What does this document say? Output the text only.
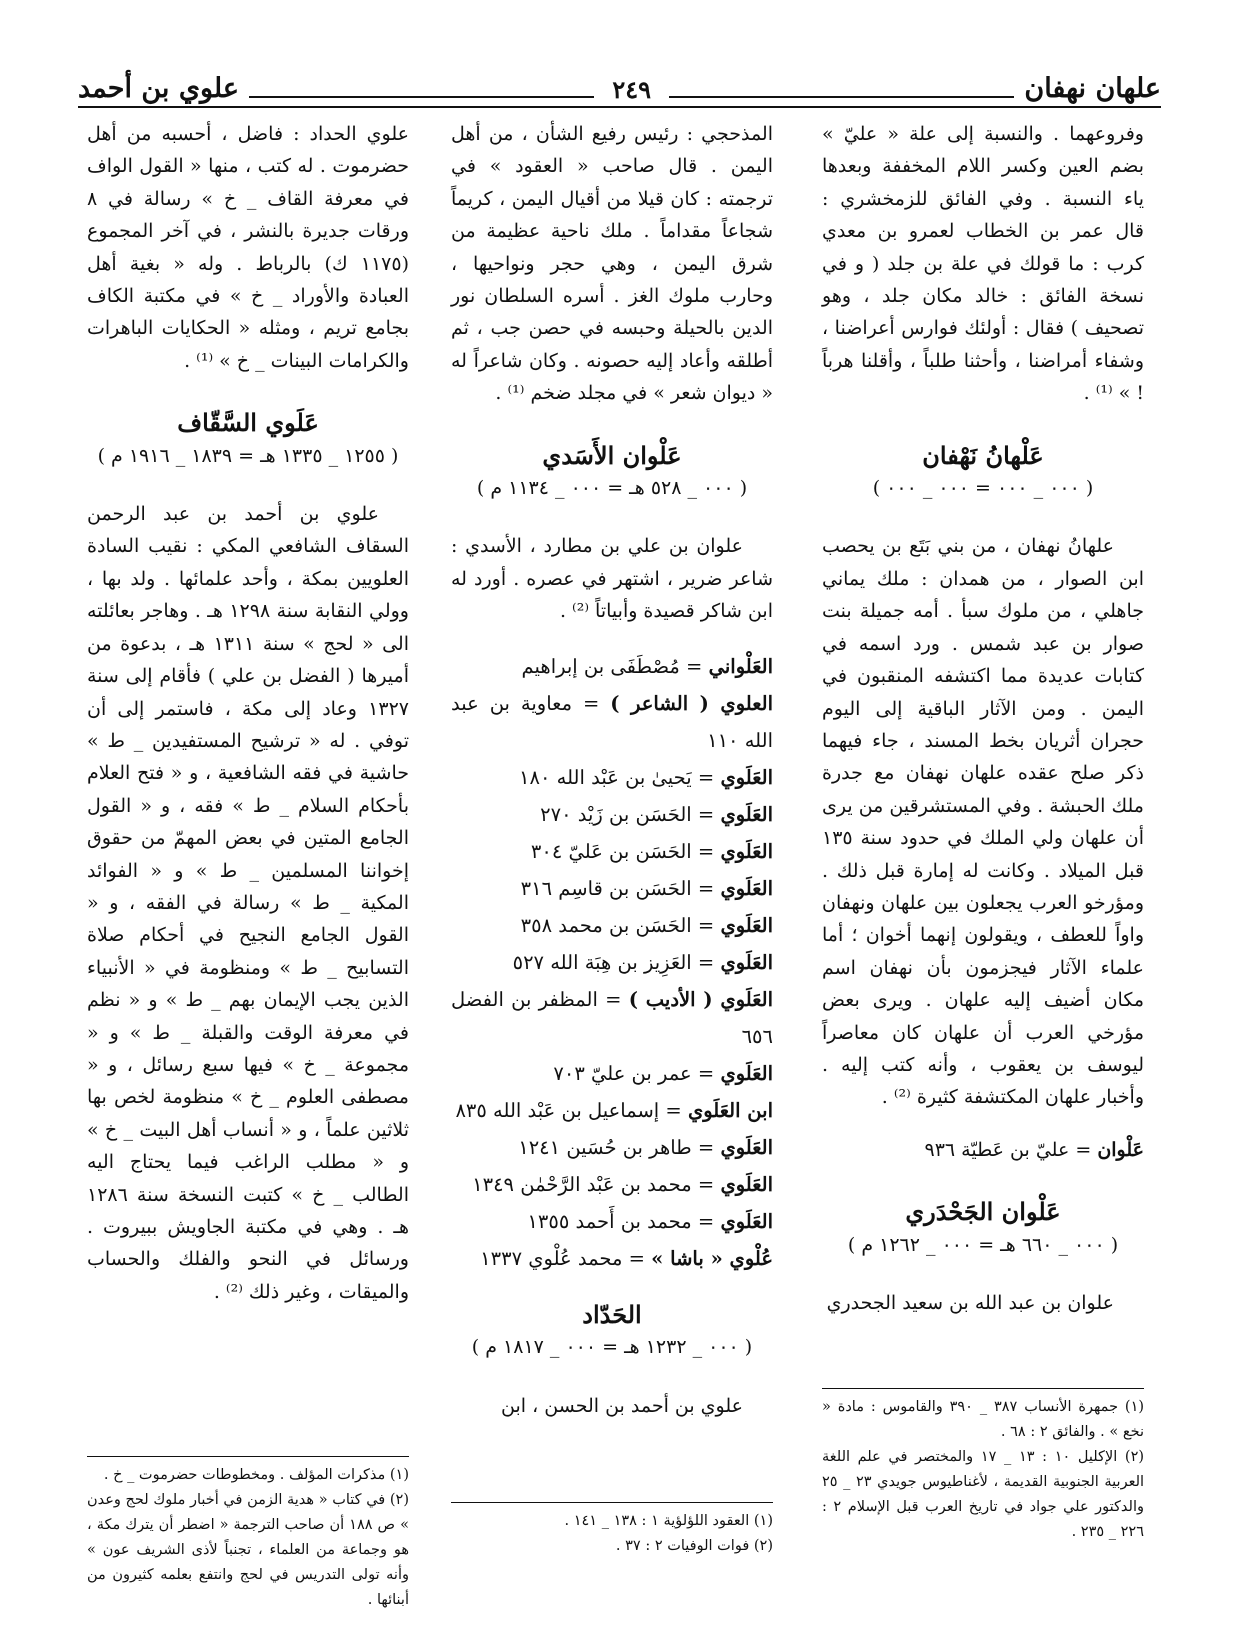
علهان نهفان
٢٤٩
علوي بن أحمد

وفروعهما . والنسبة إلى علة « عليّ » بضم العين وكسر اللام المخففة وبعدها ياء النسبة . وفي الفائق للزمخشري : قال عمر بن الخطاب لعمرو بن معدي كرب : ما قولك في علة بن جلد ( و في نسخة الفائق : خالد مكان جلد ، وهو تصحيف ) فقال : أولئك فوارس أعراضنا ، وشفاء أمراضنا ، وأحثنا طلباً ، وأقلنا هرباً ! » ⁽¹⁾ .

عَلْهانُ نَهْفان
( ٠٠٠ _ ٠٠٠ = ٠٠٠ _ ٠٠٠ )

علهانُ نهفان ، من بني بَتَع بن يحصب ابن الصوار ، من همدان : ملك يماني جاهلي ، من ملوك سبأ . أمه جميلة بنت صوار بن عبد شمس . ورد اسمه في كتابات عديدة مما اكتشفه المنقبون في اليمن . ومن الآثار الباقية إلى اليوم حجران أثريان بخط المسند ، جاء فيهما ذكر صلح عقده علهان نهفان مع جدرة ملك الحبشة . وفي المستشرقين من يرى أن علهان ولي الملك في حدود سنة ١٣٥ قبل الميلاد . وكانت له إمارة قبل ذلك . ومؤرخو العرب يجعلون بين علهان ونهفان واواً للعطف ، ويقولون إنهما أخوان ؛ أما علماء الآثار فيجزمون بأن نهفان اسم مكان أضيف إليه علهان . ويرى بعض مؤرخي العرب أن علهان كان معاصراً ليوسف بن يعقوب ، وأنه كتب إليه . وأخبار علهان المكتشفة كثيرة ⁽²⁾ .

عَلْوان = عليّ بن عَطيّة ٩٣٦

عَلْوان الجَحْدَري
( ٠٠٠ _ ٦٦٠ هـ = ٠٠٠ _ ١٢٦٢ م )

علوان بن عبد الله بن سعيد الجحدري

المذحجي : رئيس رفيع الشأن ، من أهل اليمن . قال صاحب « العقود » في ترجمته : كان قيلا من أقيال اليمن ، كريماً شجاعاً مقداماً . ملك ناحية عظيمة من شرق اليمن ، وهي حجر ونواحيها ، وحارب ملوك الغز . أسره السلطان نور الدين بالحيلة وحبسه في حصن جب ، ثم أطلقه وأعاد إليه حصونه . وكان شاعراً له « ديوان شعر » في مجلد ضخم ⁽¹⁾ .

عَلْوان الأَسَدي
( ٠٠٠ _ ٥٢٨ هـ = ٠٠٠ _ ١١٣٤ م )

علوان بن علي بن مطارد ، الأسدي : شاعر ضرير ، اشتهر في عصره . أورد له ابن شاكر قصيدة وأبياتاً ⁽²⁾ .

العَلْواني = مُصْطَفَى بن إبراهيم

العلوي ( الشاعر ) = معاوية بن عبد الله ١١٠

العَلَوي = يَحيىٰ بن عَبْد الله ١٨٠

العَلَوي = الحَسَن بن زَيْد ٢٧٠

العَلَوي = الحَسَن بن عَليّ ٣٠٤

العَلَوي = الحَسَن بن قاسِم ٣١٦

العَلَوي = الحَسَن بن محمد ٣٥٨

العَلَوي = العَزِيز بن هِبَة الله ٥٢٧

العَلَوي ( الأديب ) = المظفر بن الفضل ٦٥٦

العَلَوي = عمر بن عليّ ٧٠٣

ابن العَلَوي = إسماعيل بن عَبْد الله ٨٣٥

العَلَوي = طاهر بن حُسَين ١٢٤١

العَلَوي = محمد بن عَبْد الرَّحْمٰن ١٣٤٩

العَلَوي = محمد بن أَحمد ١٣٥٥

عُلْوي « باشا » = محمد عُلْوي ١٣٣٧

الحَدّاد
( ٠٠٠ _ ١٢٣٢ هـ = ٠٠٠ _ ١٨١٧ م )

علوي بن أحمد بن الحسن ، ابن

علوي الحداد : فاضل ، أحسبه من أهل حضرموت . له كتب ، منها « القول الواف في معرفة القاف _ خ » رسالة في ٨ ورقات جديرة بالنشر ، في آخر المجموع (١١٧٥ ك) بالرباط . وله « بغية أهل العبادة والأوراد _ خ » في مكتبة الكاف بجامع تريم ، ومثله « الحكايات الباهرات والكرامات البينات _ خ » ⁽¹⁾ .

عَلَوي السَّقّاف
( ١٢٥٥ _ ١٣٣٥ هـ = ١٨٣٩ _ ١٩١٦ م )

علوي بن أحمد بن عبد الرحمن السقاف الشافعي المكي : نقيب السادة العلويين بمكة ، وأحد علمائها . ولد بها ، وولي النقابة سنة ١٢٩٨ هـ . وهاجر بعائلته الى « لحج » سنة ١٣١١ هـ ، بدعوة من أميرها ( الفضل بن علي ) فأقام إلى سنة ١٣٢٧ وعاد إلى مكة ، فاستمر إلى أن توفي . له « ترشيح المستفيدين _ ط » حاشية في فقه الشافعية ، و « فتح العلام بأحكام السلام _ ط » فقه ، و « القول الجامع المتين في بعض المهمّ من حقوق إخواننا المسلمين _ ط » و « الفوائد المكية _ ط » رسالة في الفقه ، و « القول الجامع النجيح في أحكام صلاة التسابيح _ ط » ومنظومة في « الأنبياء الذين يجب الإيمان بهم _ ط » و « نظم في معرفة الوقت والقبلة _ ط » و « مجموعة _ خ » فيها سبع رسائل ، و « مصطفى العلوم _ خ » منظومة لخص بها ثلاثين علماً ، و « أنساب أهل البيت _ خ » و « مطلب الراغب فيما يحتاج اليه الطالب _ خ » كتبت النسخة سنة ١٢٨٦ هـ . وهي في مكتبة الجاويش ببيروت . ورسائل في النحو والفلك والحساب والميقات ، وغير ذلك ⁽²⁾ .

(١) جمهرة الأنساب ٣٨٧ _ ٣٩٠ والقاموس : مادة « نخع » . والفائق ٢ : ٦٨ .

(٢) الإكليل ١٠ : ١٣ _ ١٧ والمختصر في علم اللغة العربية الجنوبية القديمة ، لأغناطيوس جويدي ٢٣ _ ٢٥ والدكتور علي جواد في تاريخ العرب قبل الإسلام ٢ : ٢٢٦ _ ٢٣٥ .

(١) العقود اللؤلؤية ١ : ١٣٨ _ ١٤١ .

(٢) فوات الوفيات ٢ : ٣٧ .

(١) مذكرات المؤلف . ومخطوطات حضرموت _ خ .

(٢) في كتاب « هدية الزمن في أخبار ملوك لحج وعدن » ص ١٨٨ أن صاحب الترجمة « اضطر أن يترك مكة ، هو وجماعة من العلماء ، تجنباً لأذى الشريف عون » وأنه تولى التدريس في لحج وانتفع بعلمه كثيرون من أبنائها .
